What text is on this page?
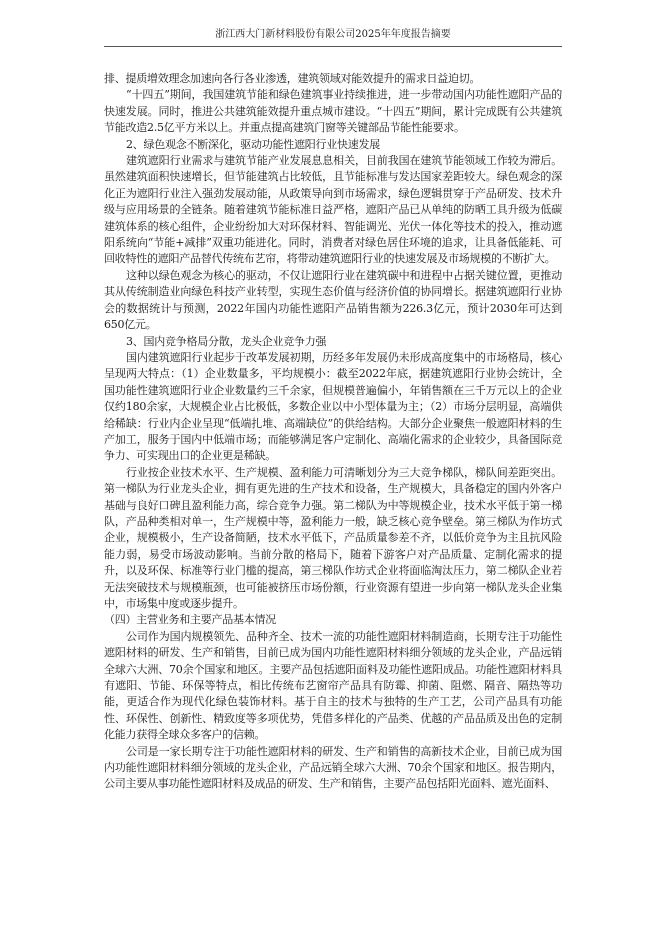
浙江西大门新材料股份有限公司2025年年度报告摘要

排、提质增效理念加速向各行各业渗透，建筑领域对能效提升的需求日益迫切。

“十四五”期间，我国建筑节能和绿色建筑事业持续推进，进一步带动国内功能性遮阳产品的快速发展。同时，推进公共建筑能效提升重点城市建设。“十四五”期间，累计完成既有公共建筑节能改造2.5亿平方米以上。并重点提高建筑门窗等关键部品节能性能要求。

2、绿色观念不断深化，驱动功能性遮阳行业快速发展

建筑遮阳行业需求与建筑节能产业发展息息相关，目前我国在建筑节能领域工作较为滞后。虽然建筑面积快速增长，但节能建筑占比较低，且节能标准与发达国家差距较大。绿色观念的深化正为遮阳行业注入强劲发展动能，从政策导向到市场需求，绿色逻辑贯穿于产品研发、技术升级与应用场景的全链条。随着建筑节能标准日益严格，遮阳产品已从单纯的防晒工具升级为低碳建筑体系的核心组件，企业纷纷加大对环保材料、智能调光、光伏一体化等技术的投入，推动遮阳系统向“节能+减排”双重功能进化。同时，消费者对绿色居住环境的追求，让具备低能耗、可回收特性的遮阳产品替代传统布艺帘，将带动建筑遮阳行业的快速发展及市场规模的不断扩大。

这种以绿色观念为核心的驱动，不仅让遮阳行业在建筑碳中和进程中占据关键位置，更推动其从传统制造业向绿色科技产业转型，实现生态价值与经济价值的协同增长。据建筑遮阳行业协会的数据统计与预测，2022年国内功能性遮阳产品销售额为226.3亿元，预计2030年可达到650亿元。

3、国内竞争格局分散，龙头企业竞争力强

国内建筑遮阳行业起步于改革发展初期，历经多年发展仍未形成高度集中的市场格局，核心呈现两大特点：（1）企业数量多，平均规模小：截至2022年底，据建筑遮阳行业协会统计，全国功能性建筑遮阳行业企业数量约三千余家，但规模普遍偏小，年销售额在三千万元以上的企业仅约180余家，大规模企业占比极低，多数企业以中小型体量为主；（2）市场分层明显，高端供给稀缺：行业内企业呈现“低端扎堆、高端缺位”的供给结构。大部分企业聚焦一般遮阳材料的生产加工，服务于国内中低端市场；而能够满足客户定制化、高端化需求的企业较少，具备国际竞争力、可实现出口的企业更是稀缺。

行业按企业技术水平、生产规模、盈利能力可清晰划分为三大竞争梯队，梯队间差距突出。第一梯队为行业龙头企业，拥有更先进的生产技术和设备，生产规模大，具备稳定的国内外客户基础与良好口碑且盈利能力高，综合竞争力强。第二梯队为中等规模企业，技术水平低于第一梯队，产品种类相对单一，生产规模中等，盈利能力一般，缺乏核心竞争壁垒。第三梯队为作坊式企业，规模极小，生产设备简陋，技术水平低下，产品质量参差不齐，以低价竞争为主且抗风险能力弱，易受市场波动影响。当前分散的格局下，随着下游客户对产品质量、定制化需求的提升，以及环保、标准等行业门槛的提高，第三梯队作坊式企业将面临淘汰压力，第二梯队企业若无法突破技术与规模瓶颈，也可能被挤压市场份额，行业资源有望进一步向第一梯队龙头企业集中，市场集中度或逐步提升。

（四）主营业务和主要产品基本情况

公司作为国内规模领先、品种齐全、技术一流的功能性遮阳材料制造商，长期专注于功能性遮阳材料的研发、生产和销售，目前已成为国内功能性遮阳材料细分领域的龙头企业，产品远销全球六大洲、70余个国家和地区。主要产品包括遮阳面料及功能性遮阳成品。功能性遮阳材料具有遮阳、节能、环保等特点，相比传统布艺窗帘产品具有防霉、抑菌、阻燃、隔音、隔热等功能，更适合作为现代化绿色装饰材料。基于自主的技术与独特的生产工艺，公司产品具有功能性、环保性、创新性、精致度等多项优势，凭借多样化的产品类、优越的产品品质及出色的定制化能力获得全球众多客户的信赖。

公司是一家长期专注于功能性遮阳材料的研发、生产和销售的高新技术企业，目前已成为国内功能性遮阳材料细分领域的龙头企业，产品远销全球六大洲、70余个国家和地区。报告期内，公司主要从事功能性遮阳材料及成品的研发、生产和销售，主要产品包括阳光面料、遮光面料、
